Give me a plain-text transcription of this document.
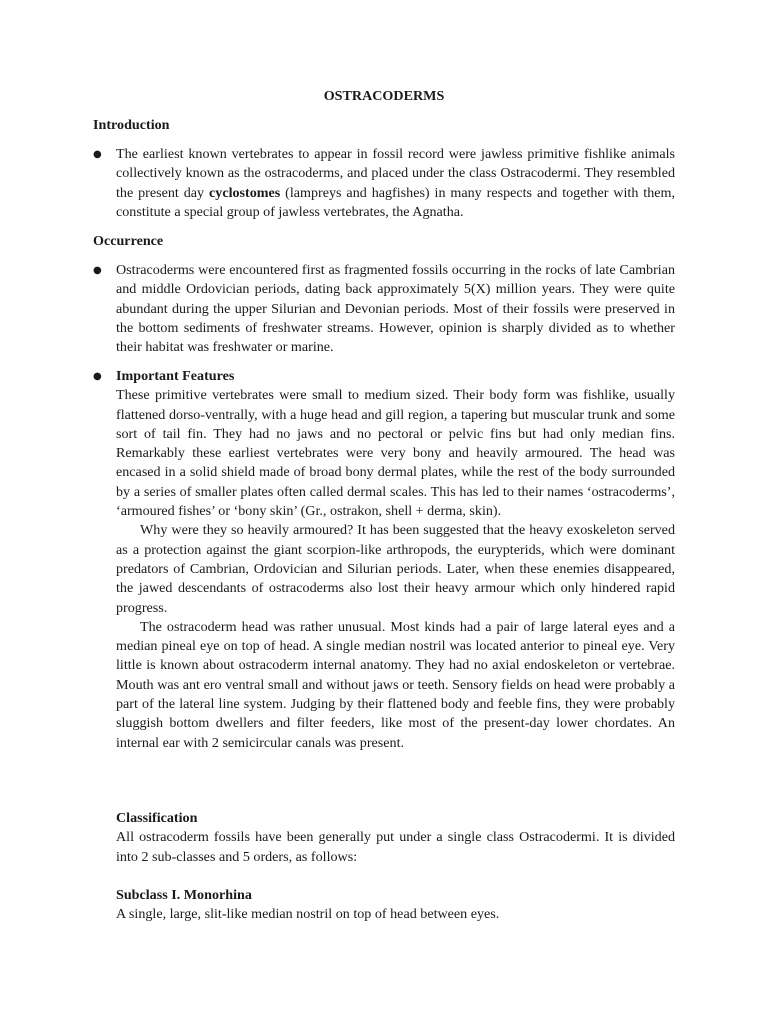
OSTRACODERMS
Introduction
● The earliest known vertebrates to appear in fossil record were jawless primitive fishlike animals collectively known as the ostracoderms, and placed under the class Ostracodermi. They resembled the present day cyclostomes (lampreys and hagfishes) in many respects and together with them, constitute a special group of jawless vertebrates, the Agnatha.
Occurrence
● Ostracoderms were encountered first as fragmented fossils occurring in the rocks of late Cambrian and middle Ordovician periods, dating back approximately 5(X) million years. They were quite abundant during the upper Silurian and Devonian periods. Most of their fossils were preserved in the bottom sediments of freshwater streams. However, opinion is sharply divided as to whether their habitat was freshwater or marine.
● Important Features

These primitive vertebrates were small to medium sized. Their body form was fishlike, usually flattened dorso-ventrally, with a huge head and gill region, a tapering but muscular trunk and some sort of tail fin. They had no jaws and no pectoral or pelvic fins but had only median fins. Remarkably these earliest vertebrates were very bony and heavily armoured. The head was encased in a solid shield made of broad bony dermal plates, while the rest of the body surrounded by a series of smaller plates often called dermal scales. This has led to their names ‘ostracoderms’, ‘armoured fishes’ or ‘bony skin’ (Gr., ostrakon, shell + derma, skin).

Why were they so heavily armoured? It has been suggested that the heavy exoskeleton served as a protection against the giant scorpion-like arthropods, the eurypterids, which were dominant predators of Cambrian, Ordovician and Silurian periods. Later, when these enemies disappeared, the jawed descendants of ostracoderms also lost their heavy armour which only hindered rapid progress.

The ostracoderm head was rather unusual. Most kinds had a pair of large lateral eyes and a median pineal eye on top of head. A single median nostril was located anterior to pineal eye. Very little is known about ostracoderm internal anatomy. They had no axial endoskeleton or vertebrae. Mouth was ant ero ventral small and without jaws or teeth. Sensory fields on head were probably a part of the lateral line system. Judging by their flattened body and feeble fins, they were probably sluggish bottom dwellers and filter feeders, like most of the present-day lower chordates. An internal ear with 2 semicircular canals was present.

Classification

All ostracoderm fossils have been generally put under a single class Ostracodermi. It is divided into 2 sub-classes and 5 orders, as follows:

Subclass I. Monorhina

A single, large, slit-like median nostril on top of head between eyes.
